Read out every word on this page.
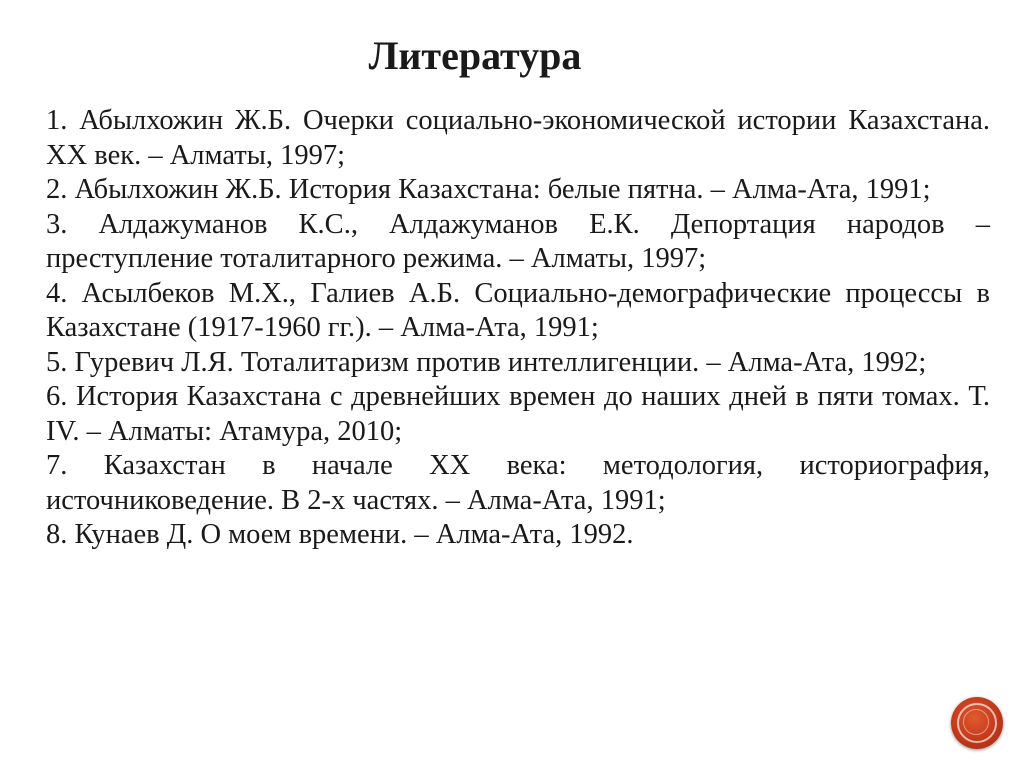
Литература
1. Абылхожин Ж.Б. Очерки социально-экономической истории Казахстана. XX век. – Алматы, 1997;
2. Абылхожин Ж.Б. История Казахстана: белые пятна. – Алма-Ата, 1991;
3. Алдажуманов К.С., Алдажуманов Е.К. Депортация народов – преступление тоталитарного режима. – Алматы, 1997;
4. Асылбеков М.Х., Галиев А.Б. Социально-демографические процессы в Казахстане (1917-1960 гг.). – Алма-Ата, 1991;
5. Гуревич Л.Я. Тоталитаризм против интеллигенции. – Алма-Ата, 1992;
6. История Казахстана с древнейших времен до наших дней в пяти томах. Т. IV. – Алматы: Атамура, 2010;
7. Казахстан в начале XX века: методология, историография, источниковедение. В 2-х частях. – Алма-Ата, 1991;
8. Кунаев Д. О моем времени. – Алма-Ата, 1992.
